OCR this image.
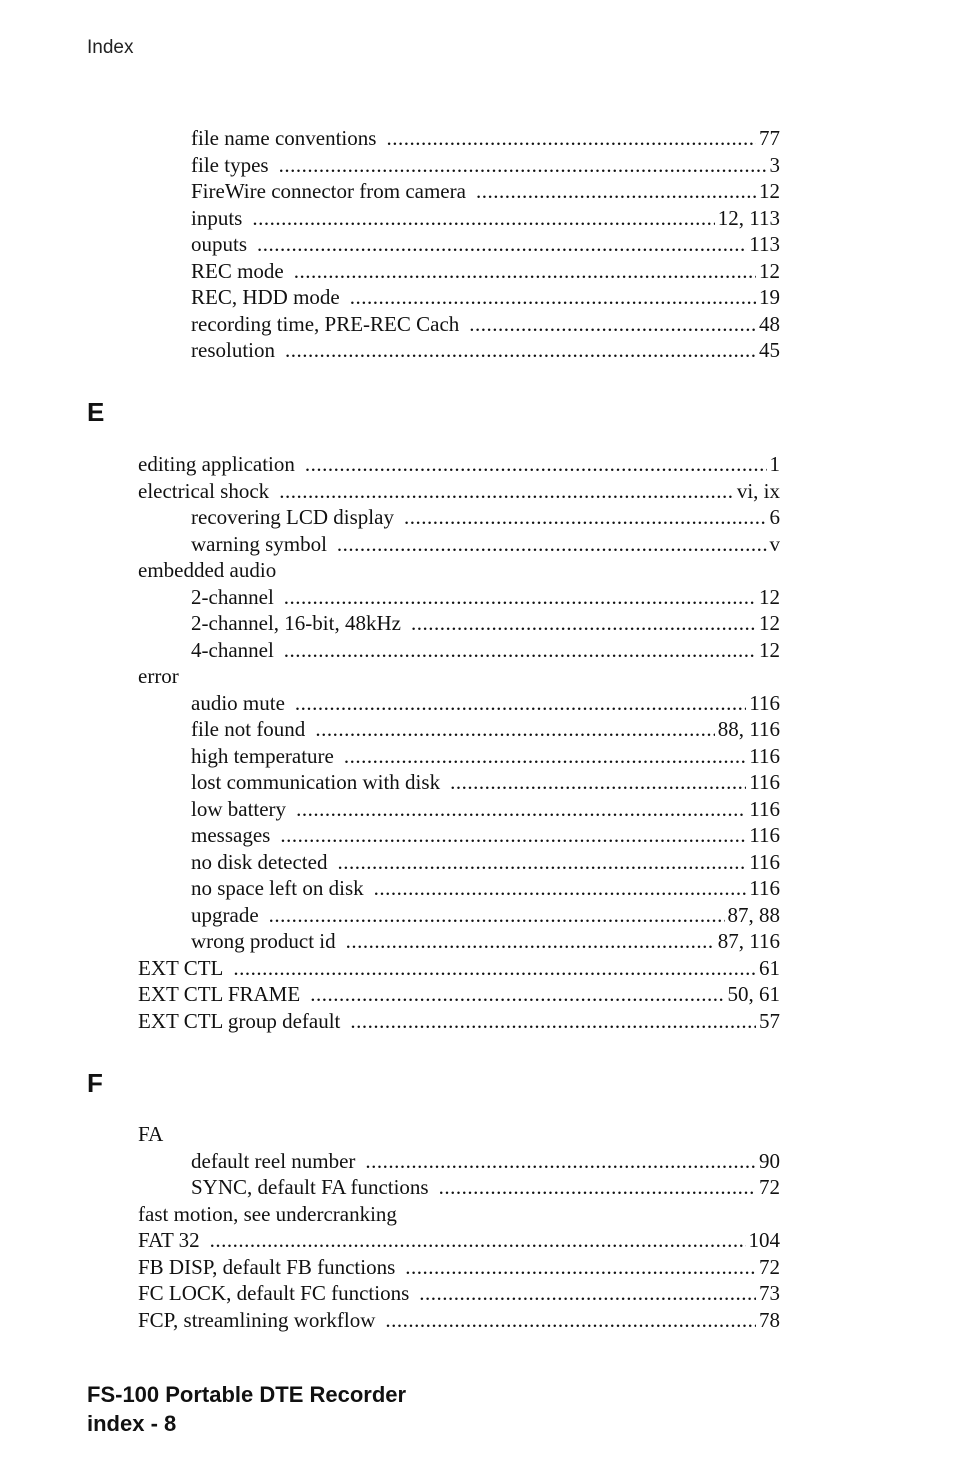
Index
file name conventions .....	77
file types .....	3
FireWire connector from camera .....	12
inputs .....	12, 113
ouputs .....	113
REC mode .....	12
REC, HDD mode .....	19
recording time, PRE-REC Cach .....	48
resolution .....	45
E
editing application .....	1
electrical shock .....	vi, ix
recovering LCD display .....	6
warning symbol .....	v
embedded audio
2-channel .....	12
2-channel, 16-bit, 48kHz .....	12
4-channel .....	12
error
audio mute .....	116
file not found .....	88, 116
high temperature .....	116
lost communication with disk .....	116
low battery .....	116
messages .....	116
no disk detected .....	116
no space left on disk .....	116
upgrade .....	87, 88
wrong product id .....	87, 116
EXT CTL .....	61
EXT CTL FRAME .....	50, 61
EXT CTL group default .....	57
F
FA
default reel number .....	90
SYNC, default FA functions .....	72
fast motion, see undercranking
FAT 32 .....	104
FB DISP, default FB functions .....	72
FC LOCK, default FC functions .....	73
FCP, streamlining workflow .....	78
FS-100 Portable DTE Recorder
index - 8
